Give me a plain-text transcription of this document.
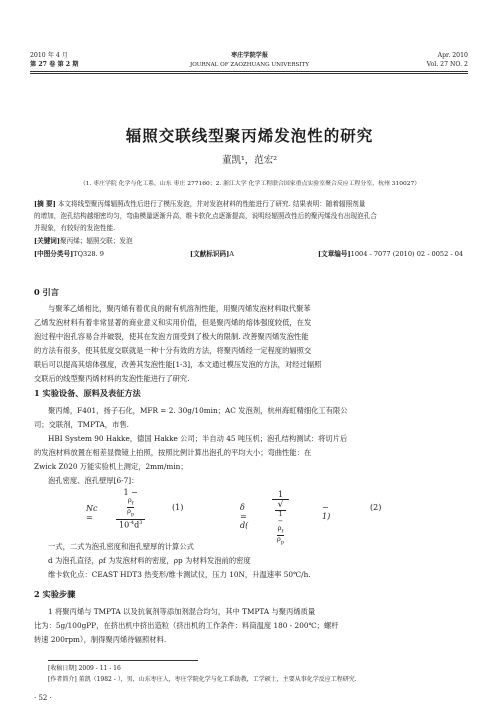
2010 年 4 月
第 27 卷 第 2 期
枣庄学院学报
JOURNAL OF ZAOZHUANG UNIVERSITY
Apr. 2010
Vol. 27 NO. 2
辐照交联线型聚丙烯发泡性的研究
董凯¹，范宏²
（1. 枣庄学院 化学与化工系，山东 枣庄 277160；2. 浙江大学 化学工程联合国家重点实验室聚合反应工程分室，杭州 310027）
[摘 要] 本文将线型聚丙烯辐照改性后进行了模压发泡，并对发泡材料的性能进行了研究. 结果表明：随着辐照剂量
的增加，泡孔结构越细密均匀，弯曲模量逐渐升高，维卡软化点逐渐提高，说明经辐照改性后的聚丙烯没有出现泡孔合
并现象，有较好的发泡性能.
[关键词]聚丙烯；辐照交联；发泡
[中图分类号]TQ328. 9	[文献标识码]A	[文章编号]1004 - 7077 (2010) 02 - 0052 - 04
0 引言
与聚苯乙烯相比，聚丙烯有着优良的耐有机溶剂性能，用聚丙烯发泡材料取代聚苯
乙烯发泡材料有着非常显著的商业意义和实用价值，但是聚丙烯的熔体强度较低，在发
泡过程中泡孔容易合并破裂，使其在发泡方面受到了极大的限制. 改善聚丙烯发泡性能
的方法有很多，使其低度交联就是一种十分有效的方法，将聚丙烯经一定程度的辐照交
联后可以提高其熔体强度，改善其发泡性能[1-3]，本文通过模压发泡的方法，对经过辐照
交联后的线型聚丙烯材料的发泡性能进行了研究.
1 实验设备、原料及表征方法
聚丙烯，F401，扬子石化，MFR = 2. 30g/10min；AC 发泡剂，杭州海虹精细化工有限公
司；交联剂，TMPTA，市售.
HBI System 90 Hakke，德国 Hakke 公司；半自动 45 吨压机；泡孔结构测试：将切片后
的发泡材料放置在相差显微镜上拍照，按照比例计算出泡孔的平均大小；弯曲性能：在
Zwick Z020 万能实验机上测定，2mm/min；
泡孔密度、泡孔壁厚[6-7]：
Nc =
1 −
$\frac{\rho_f}{\rho_p}$
$10^{-4}d^3$
(1)	δ = d(
1
√1 −
$\frac{\rho_f}{\rho_p}$
− 1)
(2)
一式，二式为泡孔密度和泡孔壁厚的计算公式
d 为泡孔直径，ρf 为发泡材料的密度，ρp 为材料发泡前的密度
维卡软化点：CEAST HDT3 热变形/维卡测试仪，压力 10N，升温速率 50℃/h.
2 实验步骤
1 将聚丙烯与 TMPTA 以及抗氧剂等添加剂混合均匀，其中 TMPTA 与聚丙烯质量
比为：5g/100gPP，在挤出机中挤出造粒（挤出机的工作条件：料筒温度 180 - 200℃；螺杆
转速 200rpm），制得聚丙烯待辐照材料.
[收稿日期] 2009 - 11 - 16
[作者简介] 董凯（1982 - ），男，山东枣庄人，枣庄学院化学与化工系助教，工学硕士，主要从事化学反应工程研究.
· 52 ·
